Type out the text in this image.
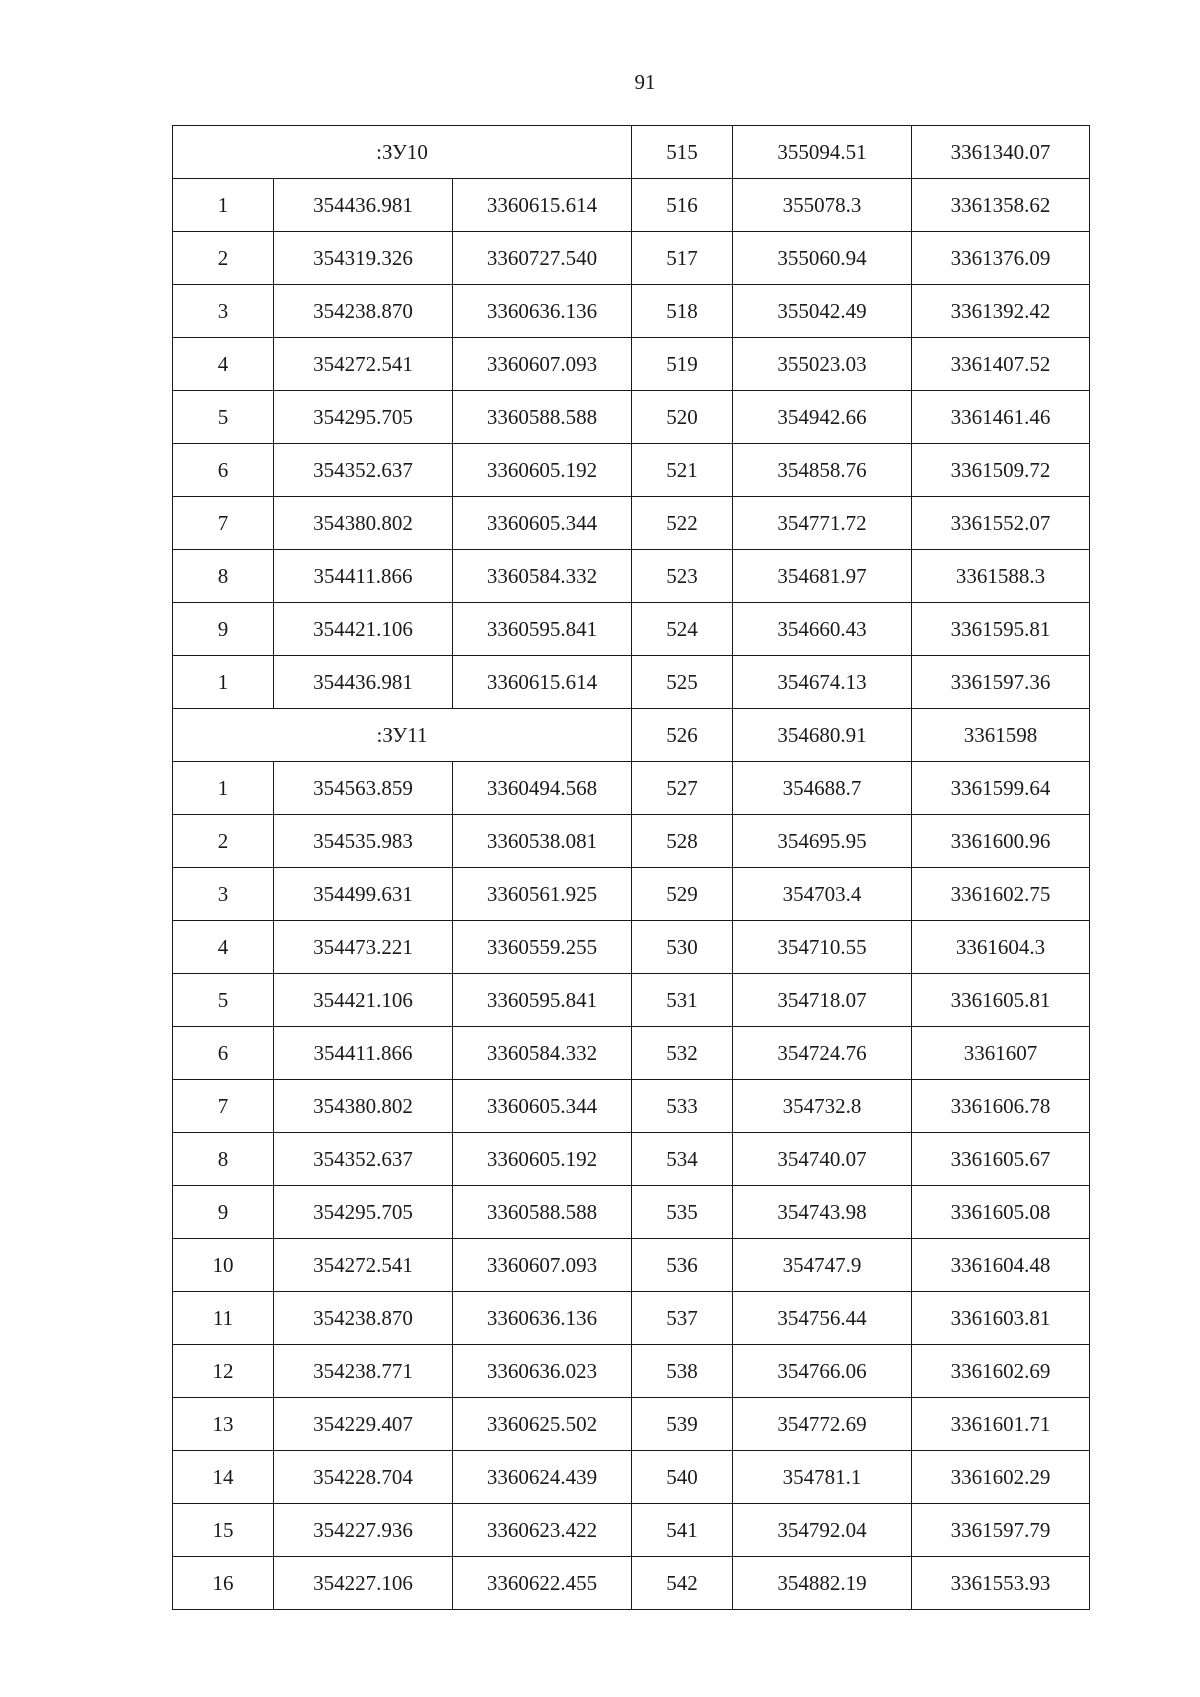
91
:ЗУ10			515	355094.51	3361340.07
1	354436.981	3360615.614	516	355078.3	3361358.62
2	354319.326	3360727.540	517	355060.94	3361376.09
3	354238.870	3360636.136	518	355042.49	3361392.42
4	354272.541	3360607.093	519	355023.03	3361407.52
5	354295.705	3360588.588	520	354942.66	3361461.46
6	354352.637	3360605.192	521	354858.76	3361509.72
7	354380.802	3360605.344	522	354771.72	3361552.07
8	354411.866	3360584.332	523	354681.97	3361588.3
9	354421.106	3360595.841	524	354660.43	3361595.81
1	354436.981	3360615.614	525	354674.13	3361597.36
:ЗУ11			526	354680.91	3361598
1	354563.859	3360494.568	527	354688.7	3361599.64
2	354535.983	3360538.081	528	354695.95	3361600.96
3	354499.631	3360561.925	529	354703.4	3361602.75
4	354473.221	3360559.255	530	354710.55	3361604.3
5	354421.106	3360595.841	531	354718.07	3361605.81
6	354411.866	3360584.332	532	354724.76	3361607
7	354380.802	3360605.344	533	354732.8	3361606.78
8	354352.637	3360605.192	534	354740.07	3361605.67
9	354295.705	3360588.588	535	354743.98	3361605.08
10	354272.541	3360607.093	536	354747.9	3361604.48
11	354238.870	3360636.136	537	354756.44	3361603.81
12	354238.771	3360636.023	538	354766.06	3361602.69
13	354229.407	3360625.502	539	354772.69	3361601.71
14	354228.704	3360624.439	540	354781.1	3361602.29
15	354227.936	3360623.422	541	354792.04	3361597.79
16	354227.106	3360622.455	542	354882.19	3361553.93
